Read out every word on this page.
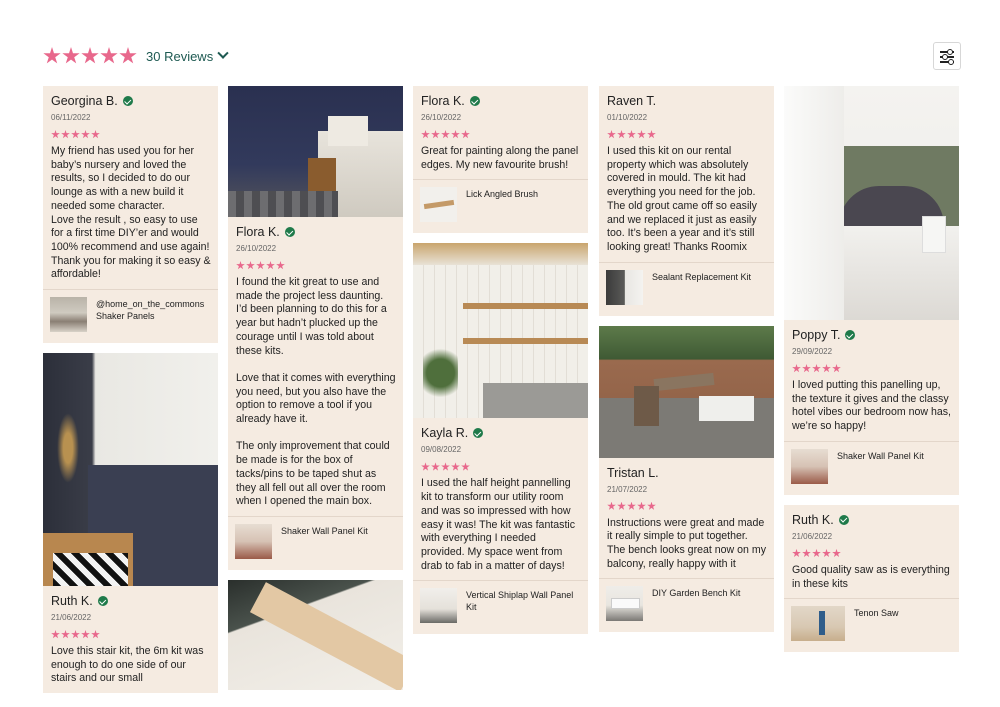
30 Reviews
Georgina B.
06/11/2022
My friend has used you for her baby’s nursery and loved the results, so I decided to do our lounge as with a new build it needed some character.
Love the result , so easy to use for a first time DIY’er and would 100% recommend and use again!
Thank you for making it so easy & affordable!
@home_on_the_commons
Shaker Panels
Ruth K.
21/06/2022
Love this stair kit, the 6m kit was enough to do one side of our stairs and our small
Flora K.
26/10/2022
I found the kit great to use and made the project less daunting. I’d been planning to do this for a year but hadn’t plucked up the courage until I was told about these kits.

Love that it comes with everything you need, but you also have the option to remove a tool if you already have it.

The only improvement that could be made is for the box of tacks/pins to be taped shut as they all fell out all over the room when I opened the main box.
Shaker Wall Panel Kit
Flora K.
26/10/2022
Great for painting along the panel edges. My new favourite brush!
Lick Angled Brush
Kayla R.
09/08/2022
I used the half height pannelling kit to transform our utility room and was so impressed with how easy it was! The kit was fantastic with everything I needed provided. My space went from drab to fab in a matter of days!
Vertical Shiplap Wall Panel Kit
Raven T.
01/10/2022
I used this kit on our rental property which was absolutely covered in mould. The kit had everything you need for the job. The old grout came off so easily and we replaced it just as easily too. It’s been a year and it’s still looking great! Thanks Roomix
Sealant Replacement Kit
Tristan L.
21/07/2022
Instructions were great and made it really simple to put together. The bench looks great now on my balcony, really happy with it
DIY Garden Bench Kit
Poppy T.
29/09/2022
I loved putting this panelling up, the texture it gives and the classy hotel vibes our bedroom now has, we’re so happy!
Shaker Wall Panel Kit
Ruth K.
21/06/2022
Good quality saw as is everything in these kits
Tenon Saw
